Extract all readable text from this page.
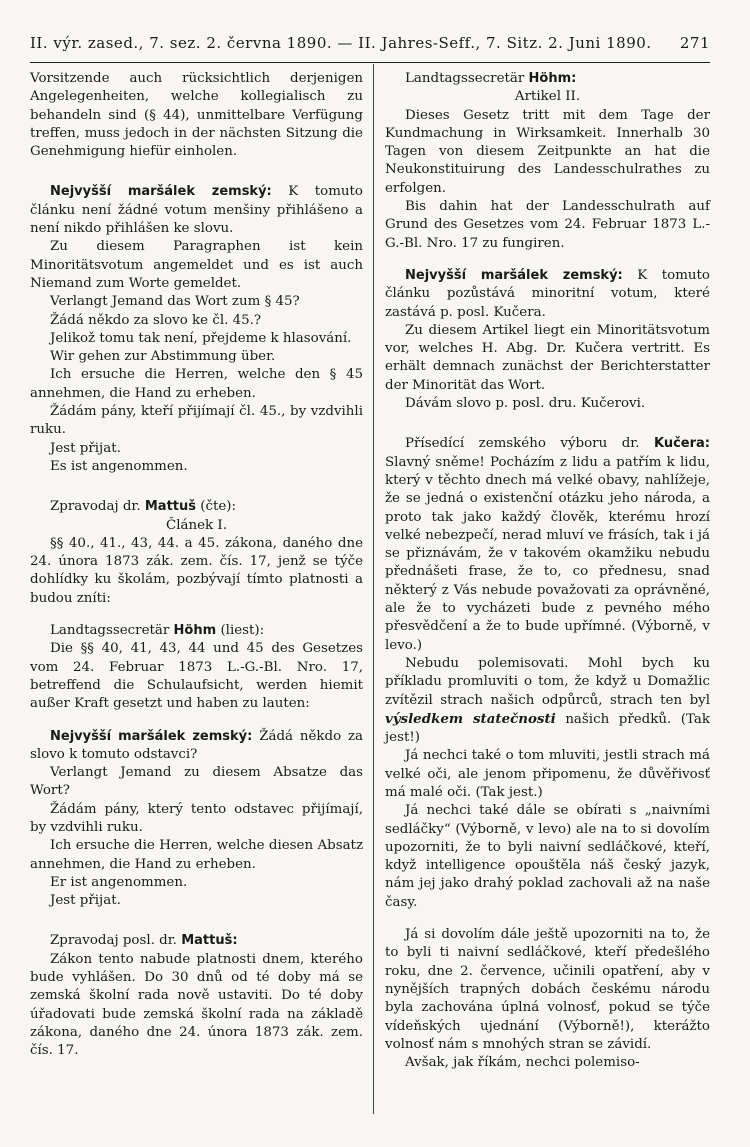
II. výr. zased., 7. sez. 2. června 1890. — II. Jahres-Seff., 7. Sitz. 2. Juni 1890. 271

Vorsitzende auch rücksichtlich derjenigen Angelegenheiten, welche kollegialisch zu behandeln sind (§ 44), unmittelbare Verfügung treffen, muss jedoch in der nächsten Sitzung die Genehmigung hiefür einholen.

Nejvyšší maršálek zemský: K tomuto článku není žádné votum menšiny přihlášeno a není nikdo přihlášen ke slovu.

Zu diesem Paragraphen ist kein Minoritätsvotum angemeldet und es ist auch Niemand zum Worte gemeldet.

Verlangt Jemand das Wort zum § 45?

Žádá někdo za slovo ke čl. 45.?

Jelikož tomu tak není, přejdeme k hlasování.

Wir gehen zur Abstimmung über.

Ich ersuche die Herren, welche den § 45 annehmen, die Hand zu erheben.

Žádám pány, kteří přijímají čl. 45., by vzdvihli ruku.

Jest přijat.

Es ist angenommen.

Zpravodaj dr. Mattuš (čte):

Článek I.

§§ 40., 41., 43, 44. a 45. zákona, daného dne 24. února 1873 zák. zem. čís. 17, jenž se týče dohlídky ku školám, pozbývají tímto platnosti a budou zníti:

Landtagssecretär Höhm (liest):

Die §§ 40, 41, 43, 44 und 45 des Gesetzes vom 24. Februar 1873 L.-G.-Bl. Nro. 17, betreffend die Schulaufsicht, werden hiemit außer Kraft gesetzt und haben zu lauten:

Nejvyšší maršálek zemský: Žádá někdo za slovo k tomuto odstavci?

Verlangt Jemand zu diesem Absatze das Wort?

Žádám pány, který tento odstavec přijímají, by vzdvihli ruku.

Ich ersuche die Herren, welche diesen Absatz annehmen, die Hand zu erheben.

Er ist angenommen.

Jest přijat.

Zpravodaj posl. dr. Mattuš:

Zákon tento nabude platnosti dnem, kterého bude vyhlášen. Do 30 dnů od té doby má se zemská školní rada nově ustaviti. Do té doby úřadovati bude zemská školní rada na základě zákona, daného dne 24. února 1873 zák. zem. čís. 17.

Landtagssecretär Höhm:

Artikel II.

Dieses Gesetz tritt mit dem Tage der Kundmachung in Wirksamkeit. Innerhalb 30 Tagen von diesem Zeitpunkte an hat die Neukonstituirung des Landesschulrathes zu erfolgen.

Bis dahin hat der Landesschulrath auf Grund des Gesetzes vom 24. Februar 1873 L.-G.-Bl. Nro. 17 zu fungiren.

Nejvyšší maršálek zemský: K tomuto článku pozůstává minoritní votum, které zastává p. posl. Kučera.

Zu diesem Artikel liegt ein Minoritätsvotum vor, welches H. Abg. Dr. Kučera vertritt. Es erhält demnach zunächst der Berichterstatter der Minorität das Wort.

Dávám slovo p. posl. dru. Kučerovi.

Přísedící zemského výboru dr. Kučera: Slavný sněme! Pocházím z lidu a patřím k lidu, který v těchto dnech má velké obavy, nahlížeje, že se jedná o existenční otázku jeho národa, a proto tak jako každý člověk, kterému hrozí velké nebezpečí, nerad mluví ve frásích, tak i já se přiznávám, že v takovém okamžiku nebudu přednášeti frase, že to, co přednesu, snad některý z Vás nebude považovati za oprávněné, ale že to vycházeti bude z pevného mého přesvědčení a že to bude upřímné. (Výborně, v levo.)

Nebudu polemisovati. Mohl bych ku příkladu promluviti o tom, že když u Domažlic zvítězil strach našich odpůrců, strach ten byl výsledkem statečnosti našich předků. (Tak jest!)

Já nechci také o tom mluviti, jestli strach má velké oči, ale jenom připomenu, že důvěřivosť má malé oči. (Tak jest.)

Já nechci také dále se obírati s „naivními sedláčky“ (Výborně, v levo) ale na to si dovolím upozorniti, že to byli naivní sedláčkové, kteří, když intelligence opouštěla náš český jazyk, nám jej jako drahý poklad zachovali až na naše časy.

Já si dovolím dále ještě upozorniti na to, že to byli ti naivní sedláčkové, kteří předešlého roku, dne 2. července, učinili opatření, aby v nynějších trapných dobách českému národu byla zachována úplná volnosť, pokud se týče vídeňských ujednání (Výborně!), kterážto volnosť nám s mnohých stran se závidí.

Avšak, jak říkám, nechci polemiso-
